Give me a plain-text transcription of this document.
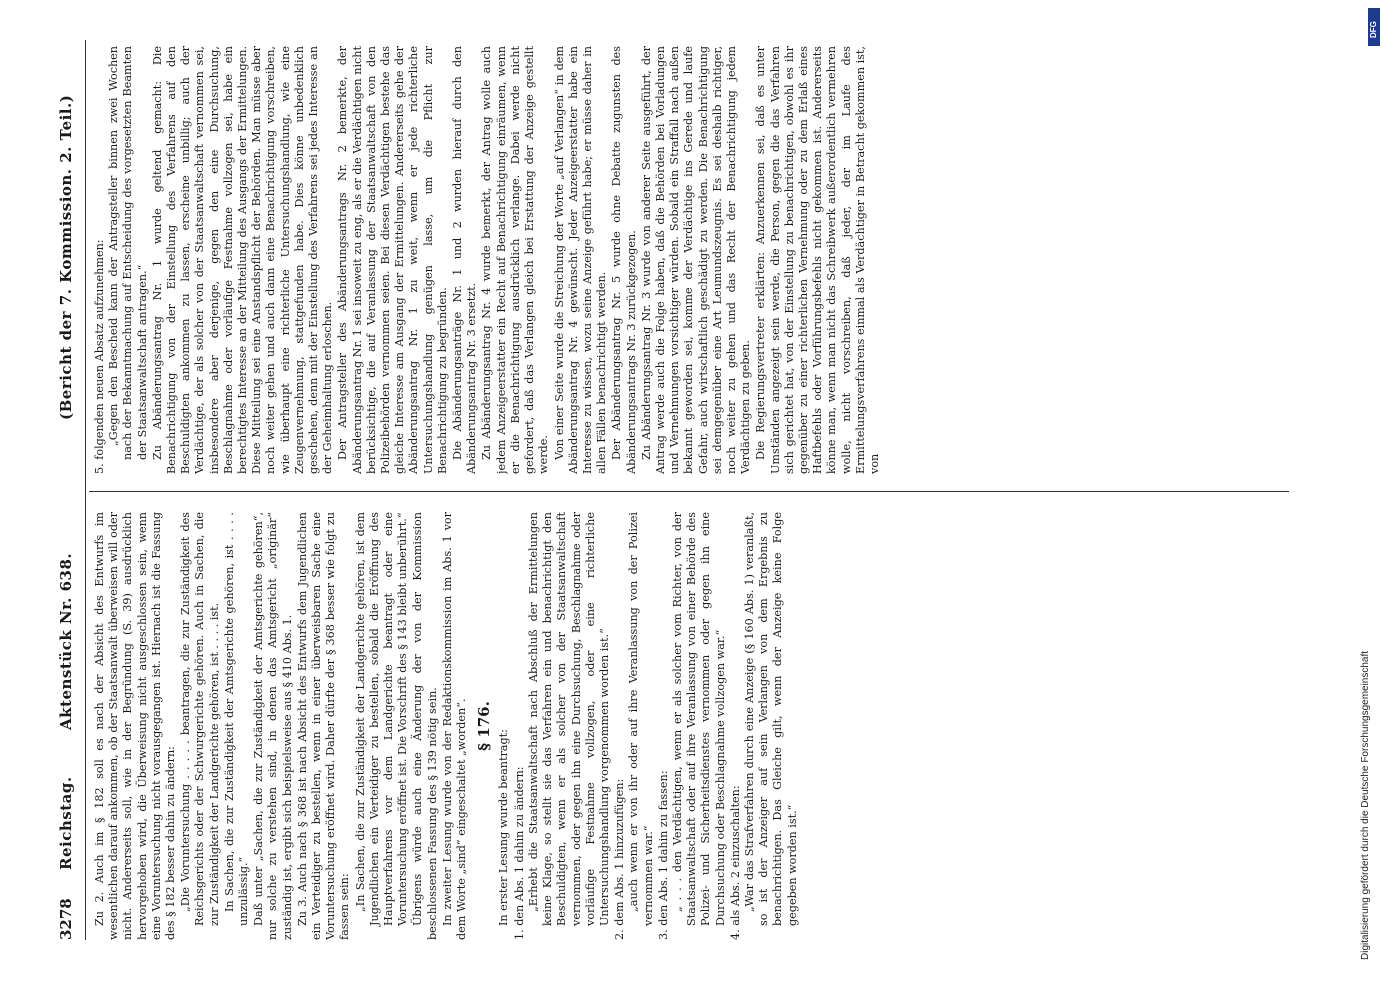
3278
Reichstag.
Aktenstück Nr. 638.
(Bericht der 7. Kommission. 2. Teil.)

Zu 2. Auch im § 182 soll es nach der Absicht des Entwurfs im wesentlichen darauf ankommen, ob der Staatsanwalt überweisen will oder nicht. Andererseits soll, wie in der Begründung (S. 39) ausdrücklich hervorgehoben wird, die Überweisung nicht ausgeschlossen sein, wenn eine Voruntersuchung nicht vorausgegangen ist. Hiernach ist die Fassung des § 182 besser dahin zu ändern: „Die Voruntersuchung . . . . . beantragen, die zur Zuständigkeit des Reichsgerichts oder der Schwurgerichte gehören. Auch in Sachen, die zur Zuständigkeit der Landgerichte gehören, ist . . . . ist. In Sachen, die zur Zuständigkeit der Amtsgerichte gehören, ist . . . . unzulässig.“ Daß unter „Sachen, die zur Zuständigkeit der Amtsgerichte gehören“, nur solche zu verstehen sind, in denen das Amtsgericht „originär“ zuständig ist, ergibt sich beispielsweise aus § 410 Abs. 1. Zu 3. Auch nach § 368 ist nach Absicht des Entwurfs dem Jugendlichen ein Verteidiger zu bestellen, wenn in einer überweisbaren Sache eine Voruntersuchung eröffnet wird. Daher dürfte der § 368 besser wie folgt zu fassen sein: „In Sachen, die zur Zuständigkeit der Landgerichte gehören, ist dem Jugendlichen ein Verteidiger zu bestellen, sobald die Eröffnung des Hauptverfahrens vor dem Landgerichte beantragt oder eine Voruntersuchung eröffnet ist. Die Vorschrift des § 143 bleibt unberührt.“ Übrigens würde auch eine Änderung der von der Kommission beschlossenen Fassung des § 139 nötig sein. In zweiter Lesung wurde von der Redaktionskommission im Abs. 1 vor dem Worte „sind“ eingeschaltet „worden“. § 176.

In erster Lesung wurde beantragt: 1. den Abs. 1 dahin zu ändern: „Erhebt die Staatsanwaltschaft nach Abschluß der Ermittelungen keine Klage, so stellt sie das Verfahren ein und benachrichtigt den Beschuldigten, wenn er als solcher von der Staatsanwaltschaft vernommen, oder gegen ihn eine Durchsuchung, Beschlagnahme oder vorläufige Festnahme vollzogen, oder eine richterliche Untersuchungshandlung vorgenommen worden ist.“ 2. dem Abs. 1 hinzuzufügen: „auch wenn er von ihr oder auf ihre Veranlassung von der Polizei vernommen war.“ 3. den Abs. 1 dahin zu fassen: „ . . . den Verdächtigen, wenn er als solcher vom Richter, von der Staatsanwaltschaft oder auf ihre Veranlassung von einer Behörde des Polizei- und Sicherheitsdienstes vernommen oder gegen ihn eine Durchsuchung oder Beschlagnahme vollzogen war.“ 4. als Abs. 2 einzuschalten: „War das Strafverfahren durch eine Anzeige (§ 160 Abs. 1) veranlaßt, so ist der Anzeiger auf sein Verlangen von dem Ergebnis zu benachrichtigen. Das Gleiche gilt, wenn der Anzeige keine Folge gegeben worden ist.“

5. folgenden neuen Absatz aufzunehmen: „Gegen den Bescheid kann der Antragsteller binnen zwei Wochen nach der Bekanntmachung auf Entscheidung des vorgesetzten Beamten der Staatsanwaltschaft antragen.“ Zu Abänderungsantrag Nr. 1 wurde geltend gemacht: Die Benachrichtigung von der Einstellung des Verfahrens auf den Beschuldigten ankommen zu lassen, erscheine unbillig; auch der Verdächtige, der als solcher von der Staatsanwaltschaft vernommen sei, insbesondere aber derjenige, gegen den eine Durchsuchung, Beschlagnahme oder vorläufige Festnahme vollzogen sei, habe ein berechtigtes Interesse an der Mitteilung des Ausgangs der Ermittelungen. Diese Mitteilung sei eine Anstandspflicht der Behörden. Man müsse aber noch weiter gehen und auch dann eine Benachrichtigung vorschreiben, wie überhaupt eine richterliche Untersuchungshandlung, wie eine Zeugenvernehmung, stattgefunden habe. Dies könne unbedenklich geschehen, denn mit der Einstellung des Verfahrens sei jedes Interesse an der Geheimhaltung erloschen. Der Antragsteller des Abänderungsantrags Nr. 2 bemerkte, der Abänderungsantrag Nr. 1 sei insoweit zu eng, als er die Verdächtigen nicht berücksichtige, die auf Veranlassung der Staatsanwaltschaft von den Polizeibehörden vernommen seien. Bei diesen Verdächtigen bestehe das gleiche Interesse am Ausgang der Ermittelungen. Andererseits gehe der Abänderungsantrag Nr. 1 zu weit, wenn er jede richterliche Untersuchungshandlung genügen lasse, um die Pflicht zur Benachrichtigung zu begründen. Die Abänderungsanträge Nr. 1 und 2 wurden hierauf durch den Abänderungsantrag Nr. 3 ersetzt. Zu Abänderungsantrag Nr. 4 wurde bemerkt, der Antrag wolle auch jedem Anzeigeerstatter ein Recht auf Benachrichtigung einräumen, wenn er die Benachrichtigung ausdrücklich verlange. Dabei werde nicht gefordert, daß das Verlangen gleich bei Erstattung der Anzeige gestellt werde. Von einer Seite wurde die Streichung der Worte „auf Verlangen“ in dem Abänderungsantrag Nr. 4 gewünscht. Jeder Anzeigeerstatter habe ein Interesse zu wissen, wozu seine Anzeige geführt habe; er müsse daher in allen Fällen benachrichtigt werden. Der Abänderungsantrag Nr. 5 wurde ohne Debatte zugunsten des Abänderungsantrags Nr. 3 zurückgezogen. Zu Abänderungsantrag Nr. 3 wurde von anderer Seite ausgeführt, der Antrag werde auch die Folge haben, daß die Behörden bei Vorladungen und Vernehmungen vorsichtiger würden. Sobald ein Straffall nach außen bekannt geworden sei, komme der Verdächtige ins Gerede und laufe Gefahr, auch wirtschaftlich geschädigt zu werden. Die Benachrichtigung sei demgegenüber eine Art Leumundszeugnis. Es sei deshalb richtiger, noch weiter zu gehen und das Recht der Benachrichtigung jedem Verdächtigen zu geben. Die Regierungsvertreter erklärten: Anzuerkennen sei, daß es unter Umständen angezeigt sein werde, die Person, gegen die das Verfahren sich gerichtet hat, von der Einstellung zu benachrichtigen, obwohl es ihr gegenüber zu einer richterlichen Vernehmung oder zu dem Erlaß eines Haftbefehls oder Vorführungsbefehls nicht gekommen ist. Andererseits könne man, wenn man nicht das Schreibwerk außerordentlich vermehren wolle, nicht vorschreiben, daß jeder, der im Laufe des Ermittelungsverfahrens einmal als Verdächtiger in Betracht gekommen ist, von

Digitalisierung gefördert durch die Deutsche Forschungsgemeinschaft
DFG
